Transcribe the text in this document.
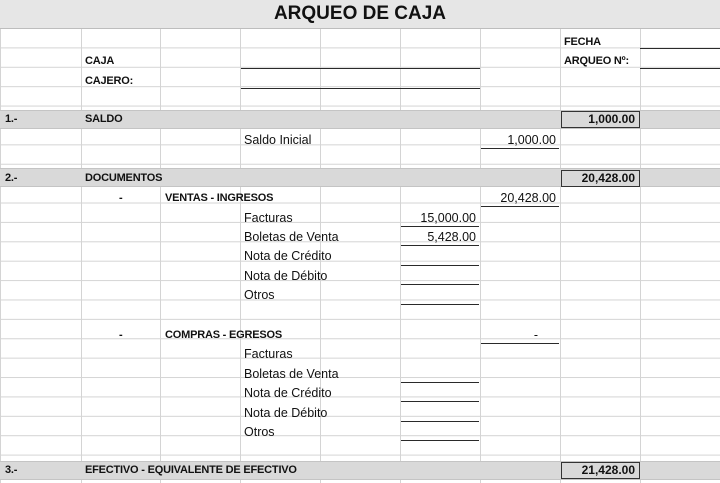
ARQUEO DE CAJA
FECHA
CAJA	ARQUEO Nº:
CAJERO:
1.-	SALDO	1,000.00
Saldo Inicial	1,000.00
2.-	DOCUMENTOS	20,428.00
-	VENTAS - INGRESOS	20,428.00
Facturas	15,000.00
Boletas de Venta	5,428.00
Nota de Crédito
Nota de Débito
Otros
-	COMPRAS - EGRESOS	-
Facturas
Boletas de Venta
Nota de Crédito
Nota de Débito
Otros
3.-	EFECTIVO - EQUIVALENTE DE EFECTIVO	21,428.00
